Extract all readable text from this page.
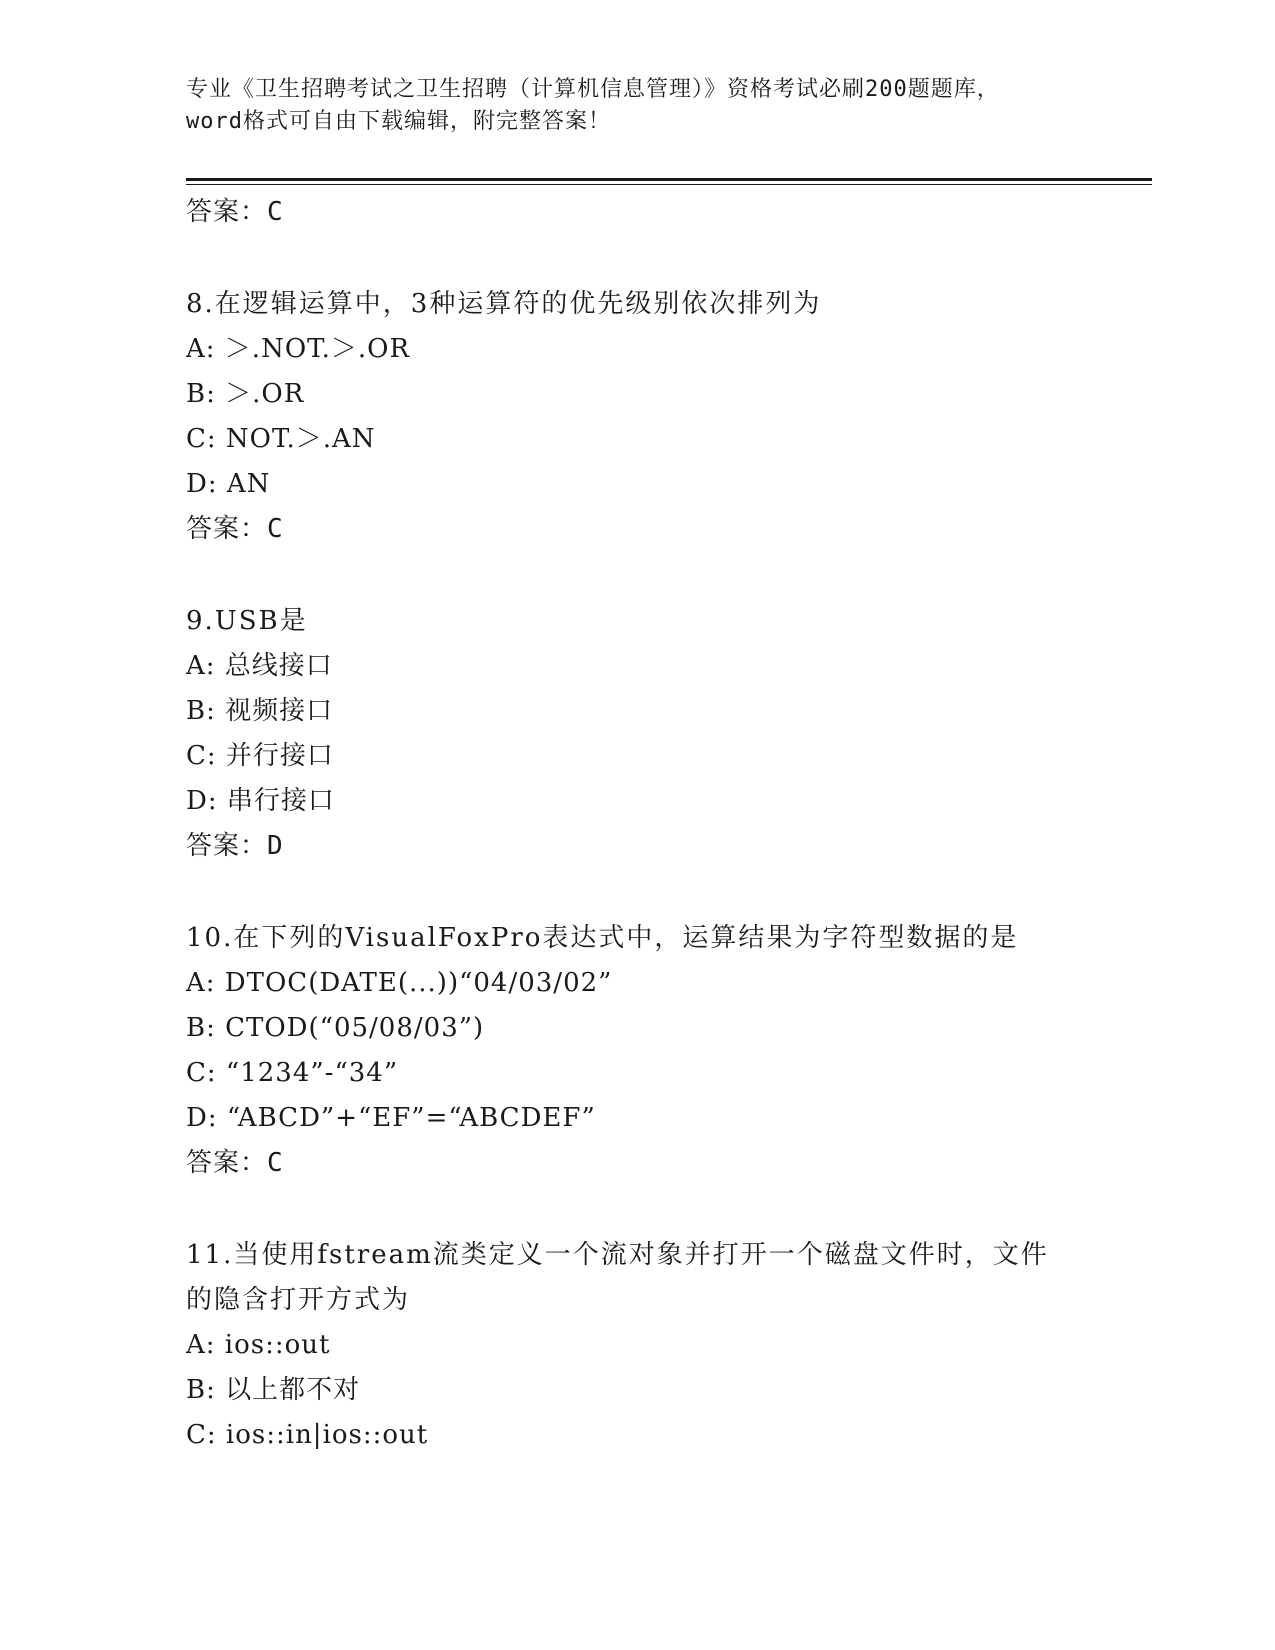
专业《卫生招聘考试之卫生招聘（计算机信息管理）》资格考试必刷200题题库，
word格式可自由下载编辑，附完整答案！
答案：C
8.在逻辑运算中，3种运算符的优先级别依次排列为
A: ＞.NOT.＞.OR
B: ＞.OR
C: NOT.＞.AN
D: AN
答案：C
9.USB是
A: 总线接口
B: 视频接口
C: 并行接口
D: 串行接口
答案：D
10.在下列的VisualFoxPro表达式中，运算结果为字符型数据的是
A: DTOC(DATE(...))“04/03/02”
B: CTOD(“05/08/03”)
C: “1234”-“34”
D: “ABCD”+“EF”=“ABCDEF”
答案：C
11.当使用fstream流类定义一个流对象并打开一个磁盘文件时，文件
的隐含打开方式为
A: ios::out
B: 以上都不对
C: ios::in|ios::out
